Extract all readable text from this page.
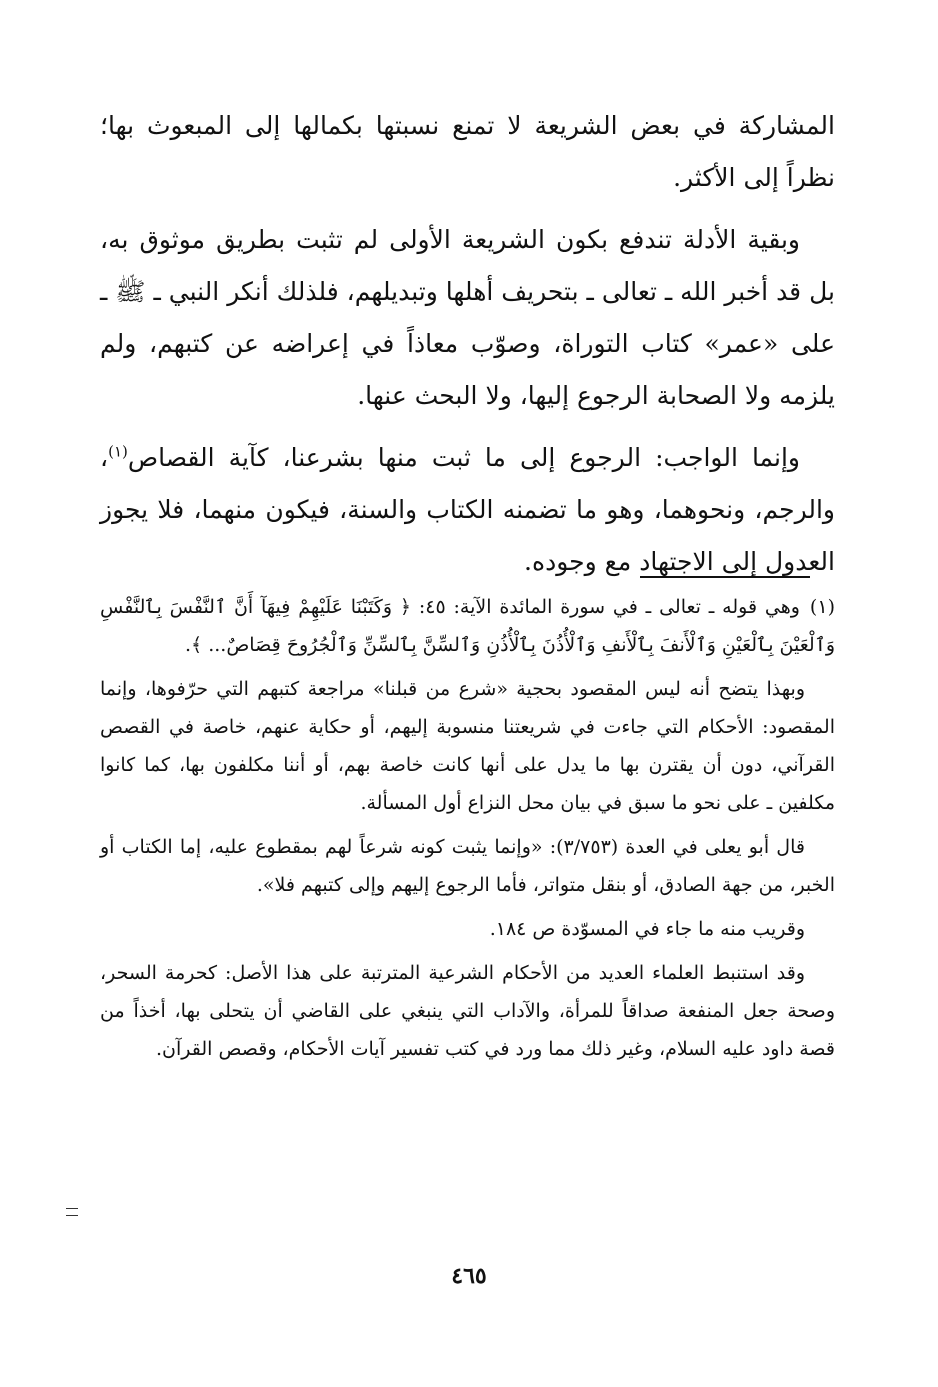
المشاركة في بعض الشريعة لا تمنع نسبتها بكمالها إلى المبعوث بها؛ نظراً إلى الأكثر.

وبقية الأدلة تندفع بكون الشريعة الأولى لم تثبت بطريق موثوق به، بل قد أخبر الله ـ تعالى ـ بتحريف أهلها وتبديلهم، فلذلك أنكر النبي ـ ﷺ ـ على «عمر» كتاب التوراة، وصوّب معاذاً في إعراضه عن كتبهم، ولم يلزمه ولا الصحابة الرجوع إليها، ولا البحث عنها.

وإنما الواجب: الرجوع إلى ما ثبت منها بشرعنا، كآية القصاص$^{(١)}$، والرجم، ونحوهما، وهو ما تضمنه الكتاب والسنة، فيكون منهما، فلا يجوز العدول إلى الاجتهاد مع وجوده.

(١)وهي قوله ـ تعالى ـ في سورة المائدة الآية: ٤٥: ﴿ وَكَتَبْنَا عَلَيْهِمْ فِيهَآ أَنَّ ٱلنَّفْسَ بِٱلنَّفْسِ وَٱلْعَيْنَ بِٱلْعَيْنِ وَٱلْأَنفَ بِٱلْأَنفِ وَٱلْأُذُنَ بِٱلْأُذُنِ وَٱلسِّنَّ بِٱلسِّنِّ وَٱلْجُرُوحَ قِصَاصٌ... ﴾.

وبهذا يتضح أنه ليس المقصود بحجية «شرع من قبلنا» مراجعة كتبهم التي حرّفوها، وإنما المقصود: الأحكام التي جاءت في شريعتنا منسوبة إليهم، أو حكاية عنهم، خاصة في القصص القرآني، دون أن يقترن بها ما يدل على أنها كانت خاصة بهم، أو أننا مكلفون بها، كما كانوا مكلفين ـ على نحو ما سبق في بيان محل النزاع أول المسألة.

قال أبو يعلى في العدة (٣/٧٥٣): «وإنما يثبت كونه شرعاً لهم بمقطوع عليه، إما الكتاب أو الخبر، من جهة الصادق، أو بنقل متواتر، فأما الرجوع إليهم وإلى كتبهم فلا».

وقريب منه ما جاء في المسوّدة ص ١٨٤.

وقد استنبط العلماء العديد من الأحكام الشرعية المترتبة على هذا الأصل: كحرمة السحر، وصحة جعل المنفعة صداقاً للمرأة، والآداب التي ينبغي على القاضي أن يتحلى بها، أخذاً من قصة داود عليه السلام، وغير ذلك مما ورد في كتب تفسير آيات الأحكام، وقصص القرآن.

٤٦٥
